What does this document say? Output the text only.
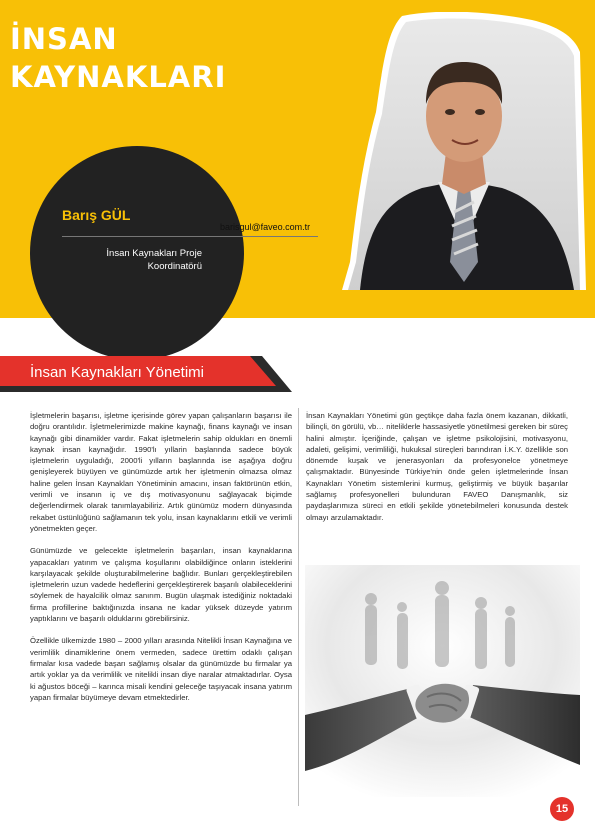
İNSAN
KAYNAKLARI
Barış GÜL
barisgul@faveo.com.tr
İnsan Kaynakları Proje
Koordinatörü
İnsan Kaynakları Yönetimi

İşletmelerin başarısı, işletme içerisinde görev yapan çalışanların başarısı ile doğru orantılıdır. İşletmelerimizde makine kaynağı, finans kaynağı ve insan kaynağı gibi dinamikler vardır. Fakat işletmelerin sahip oldukları en önemli kaynak insan kaynağıdır. 1990'lı yıllarin başlarında sadece büyük işletmelerin uyguladığı, 2000'li yılların başlarında ise aşağıya doğru genişleyerek büyüyen ve günümüzde artık her işletmenin olmazsa olmaz haline gelen İnsan Kaynakları Yönetiminin amacını, insan faktörünün etkin, verimli ve insanın iç ve dış motivasyonunu sağlayacak biçimde değerlendirmek olarak tanımlayabiliriz. Artık günümüz modern dünyasında rekabet üstünlüğünü sağlamanın tek yolu, insan kaynaklarını etkili ve verimli yönetmekten geçer.

Günümüzde ve gelecekte işletmelerin başarıları, insan kaynaklarına yapacakları yatırım ve çalışma koşullarını olabildiğince onların isteklerini karşılayacak şekilde oluşturabilmelerine bağlıdır. Bunları gerçekleştirebilen işletmelerin uzun vadede hedeflerini gerçekleştirerek başarılı olabileceklerini söylemek de hayalcilik olmaz sanırım. Bugün ulaşmak istediğiniz noktadaki firma profillerine baktığınızda insana ne kadar yüksek düzeyde yatırım yaptıklarını ve başarılı olduklarını görebilirsiniz.

Özellikle ülkemizde 1980 – 2000 yılları arasında Nitelikli İnsan Kaynağına ve verimlilik dinamiklerine önem vermeden, sadece ürettim odaklı çalışan firmalar kısa vadede başarı sağlamış olsalar da günümüzde bu firmalar ya artık yoklar ya da verimlilik ve nitelikli insan diye naralar atmaktadırlar. Oysa ki ağustos böceği – karınca misali kendini geleceğe taşıyacak insana yatırım yapan firmalar büyümeye devam etmektedirler.

İnsan Kaynakları Yönetimi gün geçtikçe daha fazla önem kazanan, dikkatli, bilinçli, ön görülü, vb… niteliklerle hassasiyetle yönetilmesi gereken bir süreç halini almıştır. İçeriğinde, çalışan ve işletme psikolojisini, motivasyonu, adaleti, gelişimi, verimliliği, hukuksal süreçleri barındıran İ.K.Y. özellikle son dönemde kuşak ve jenerasyonları da profesyonelce yönetmeye çalışmaktadır. Bünyesinde Türkiye'nin önde gelen işletmelerinde İnsan Kaynakları Yönetim sistemlerini kurmuş, geliştirmiş ve büyük başarılar sağlamış profesyonelleri bulunduran FAVEO Danışmanlık, siz paydaşlarımıza süreci en etkili şekilde yönetebilmeleri konusunda destek olmayı arzulamaktadır.

15
